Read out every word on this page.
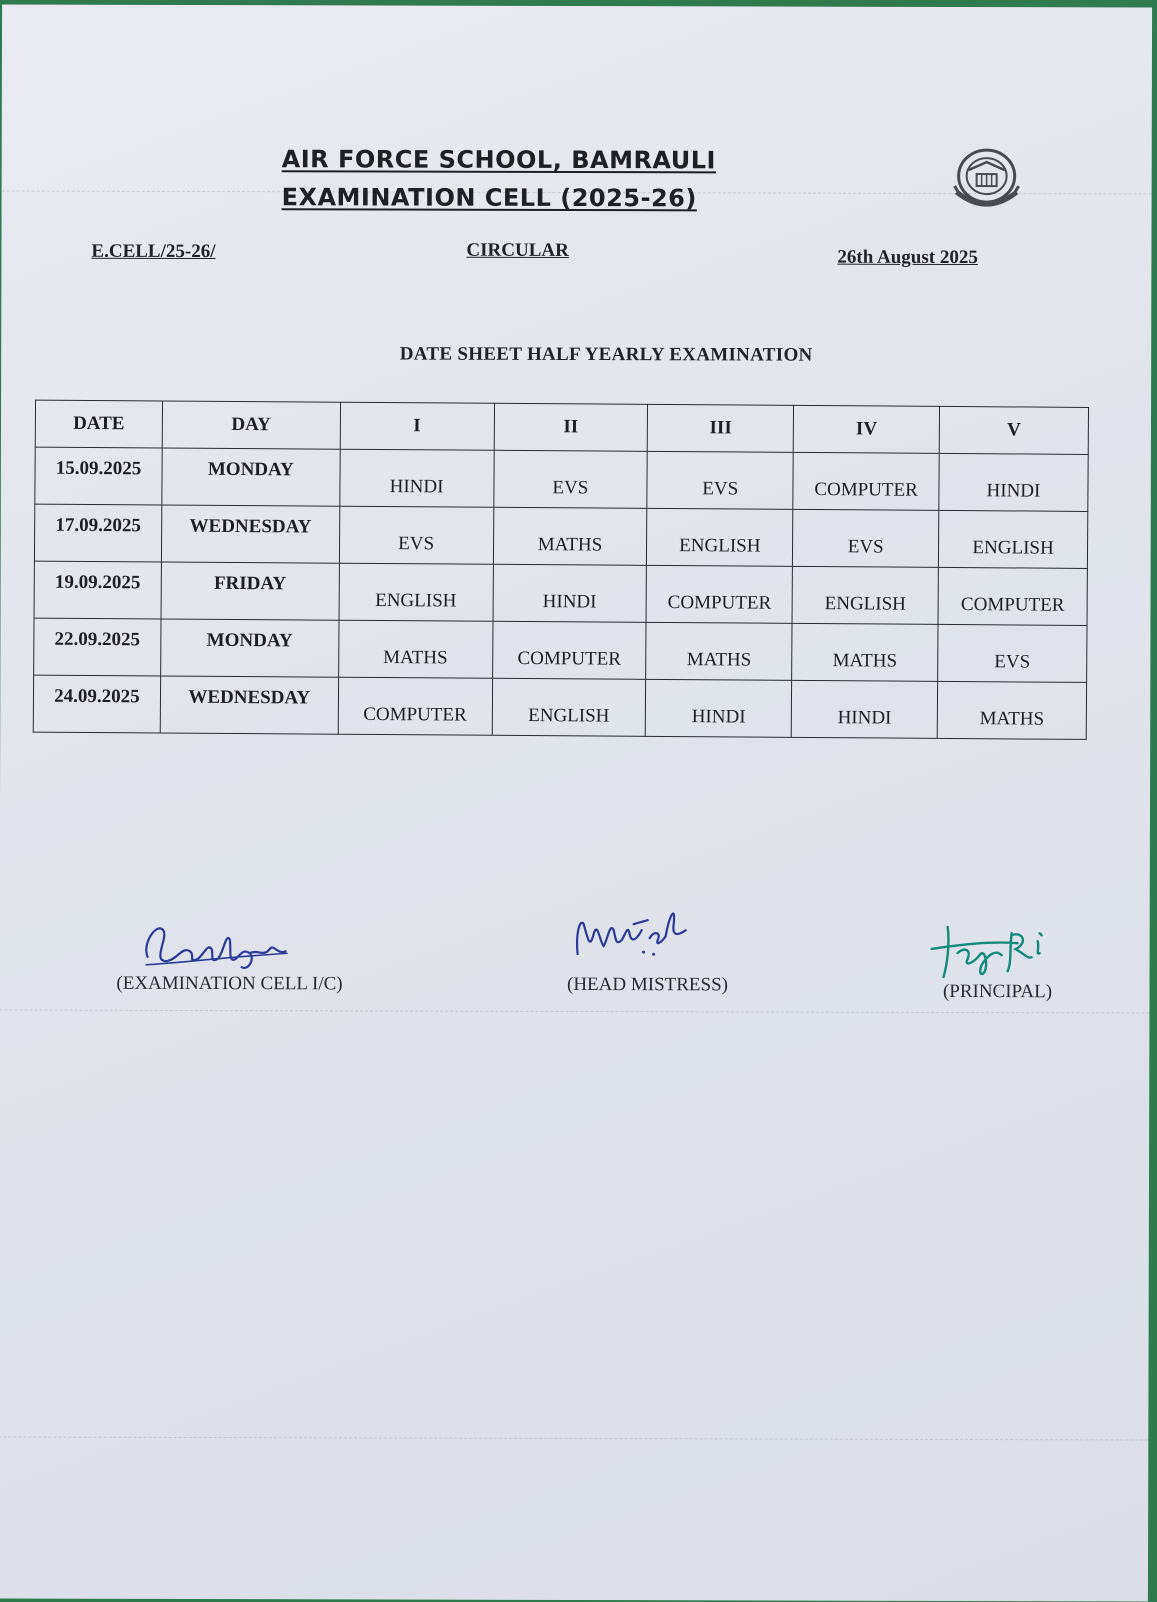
AIR FORCE SCHOOL, BAMRAULI
EXAMINATION CELL (2025-26)
E.CELL/25-26/	CIRCULAR	26th August 2025
DATE SHEET HALF YEARLY EXAMINATION
DATE	DAY	I	II	III	IV	V
15.09.2025	MONDAY	HINDI	EVS	EVS	COMPUTER	HINDI
17.09.2025	WEDNESDAY	EVS	MATHS	ENGLISH	EVS	ENGLISH
19.09.2025	FRIDAY	ENGLISH	HINDI	COMPUTER	ENGLISH	COMPUTER
22.09.2025	MONDAY	MATHS	COMPUTER	MATHS	MATHS	EVS
24.09.2025	WEDNESDAY	COMPUTER	ENGLISH	HINDI	HINDI	MATHS
(EXAMINATION CELL I/C)	(HEAD MISTRESS)	(PRINCIPAL)
